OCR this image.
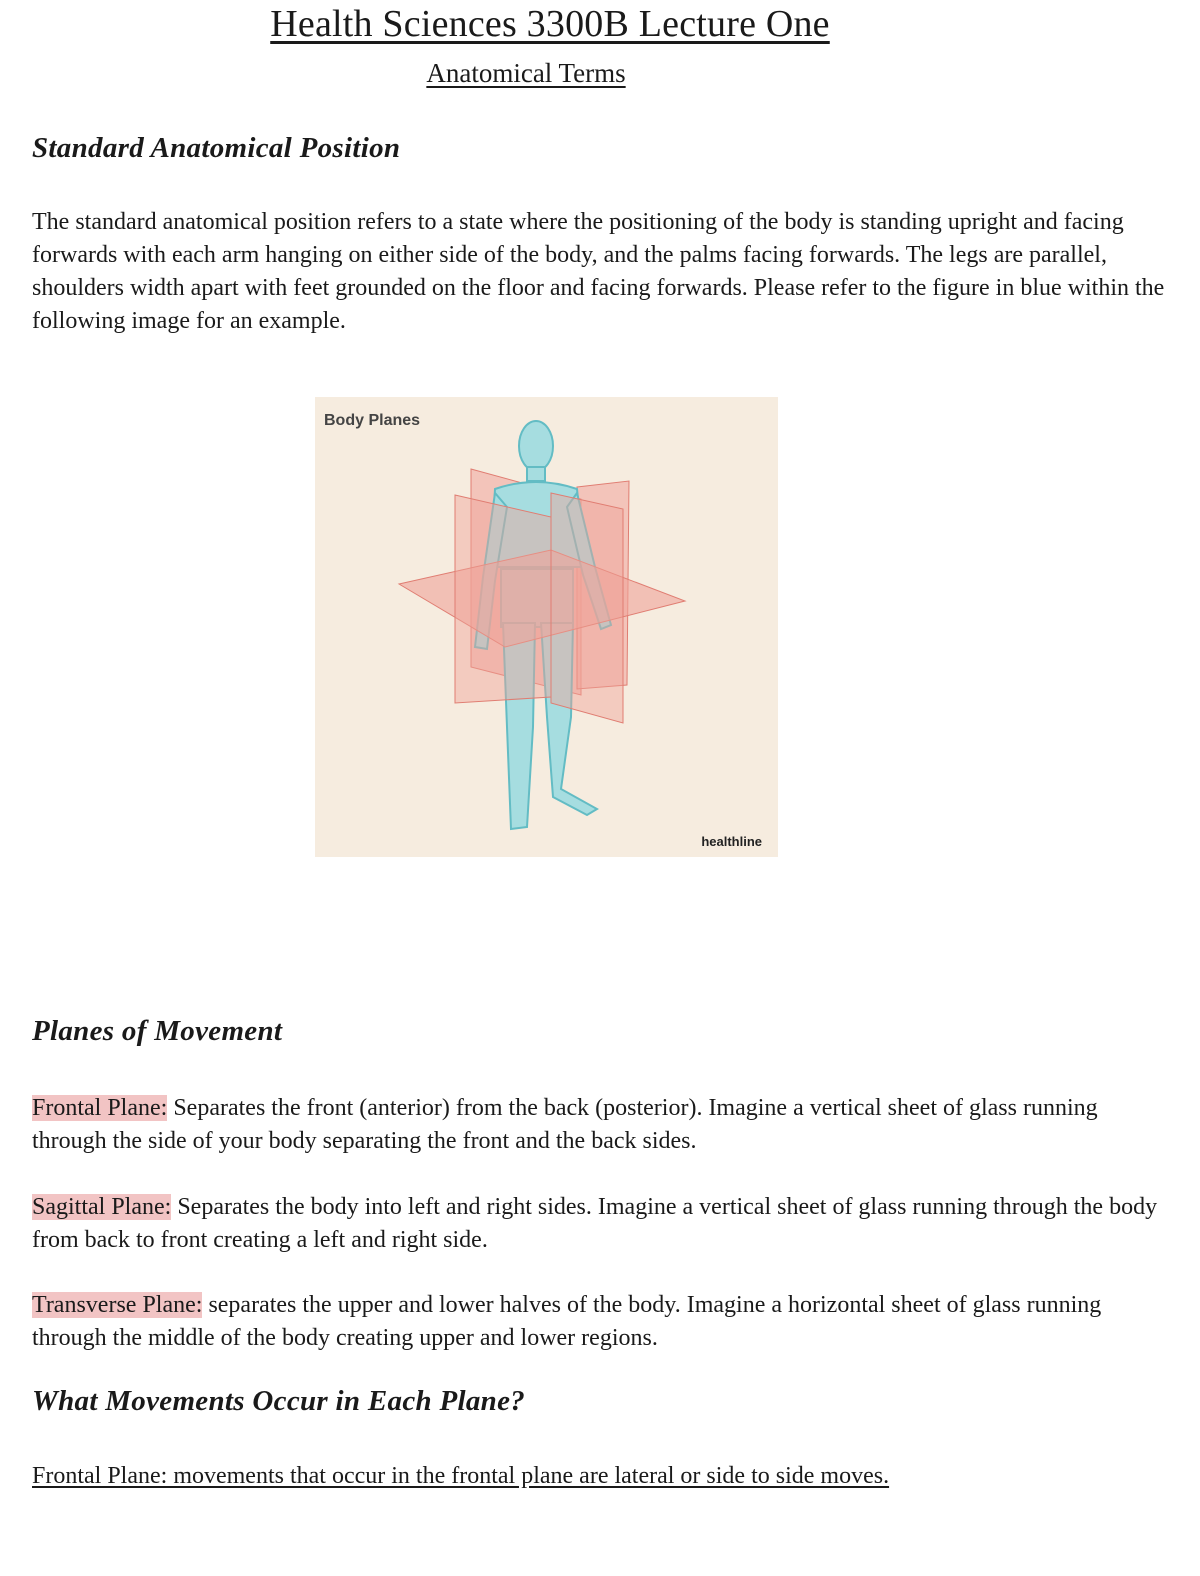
Health Sciences 3300B Lecture One
Anatomical Terms
Standard Anatomical Position
The standard anatomical position refers to a state where the positioning of the body is standing upright and facing forwards with each arm hanging on either side of the body, and the palms facing forwards. The legs are parallel, shoulders width apart with feet grounded on the floor and facing forwards. Please refer to the figure in blue within the following image for an example.
Body Planes
healthline
Planes of Movement
Frontal Plane: Separates the front (anterior) from the back (posterior). Imagine a vertical sheet of glass running through the side of your body separating the front and the back sides.
Sagittal Plane: Separates the body into left and right sides. Imagine a vertical sheet of glass running through the body from back to front creating a left and right side.
Transverse Plane: separates the upper and lower halves of the body. Imagine a horizontal sheet of glass running through the middle of the body creating upper and lower regions.
What Movements Occur in Each Plane?
Frontal Plane: movements that occur in the frontal plane are lateral or side to side moves.
